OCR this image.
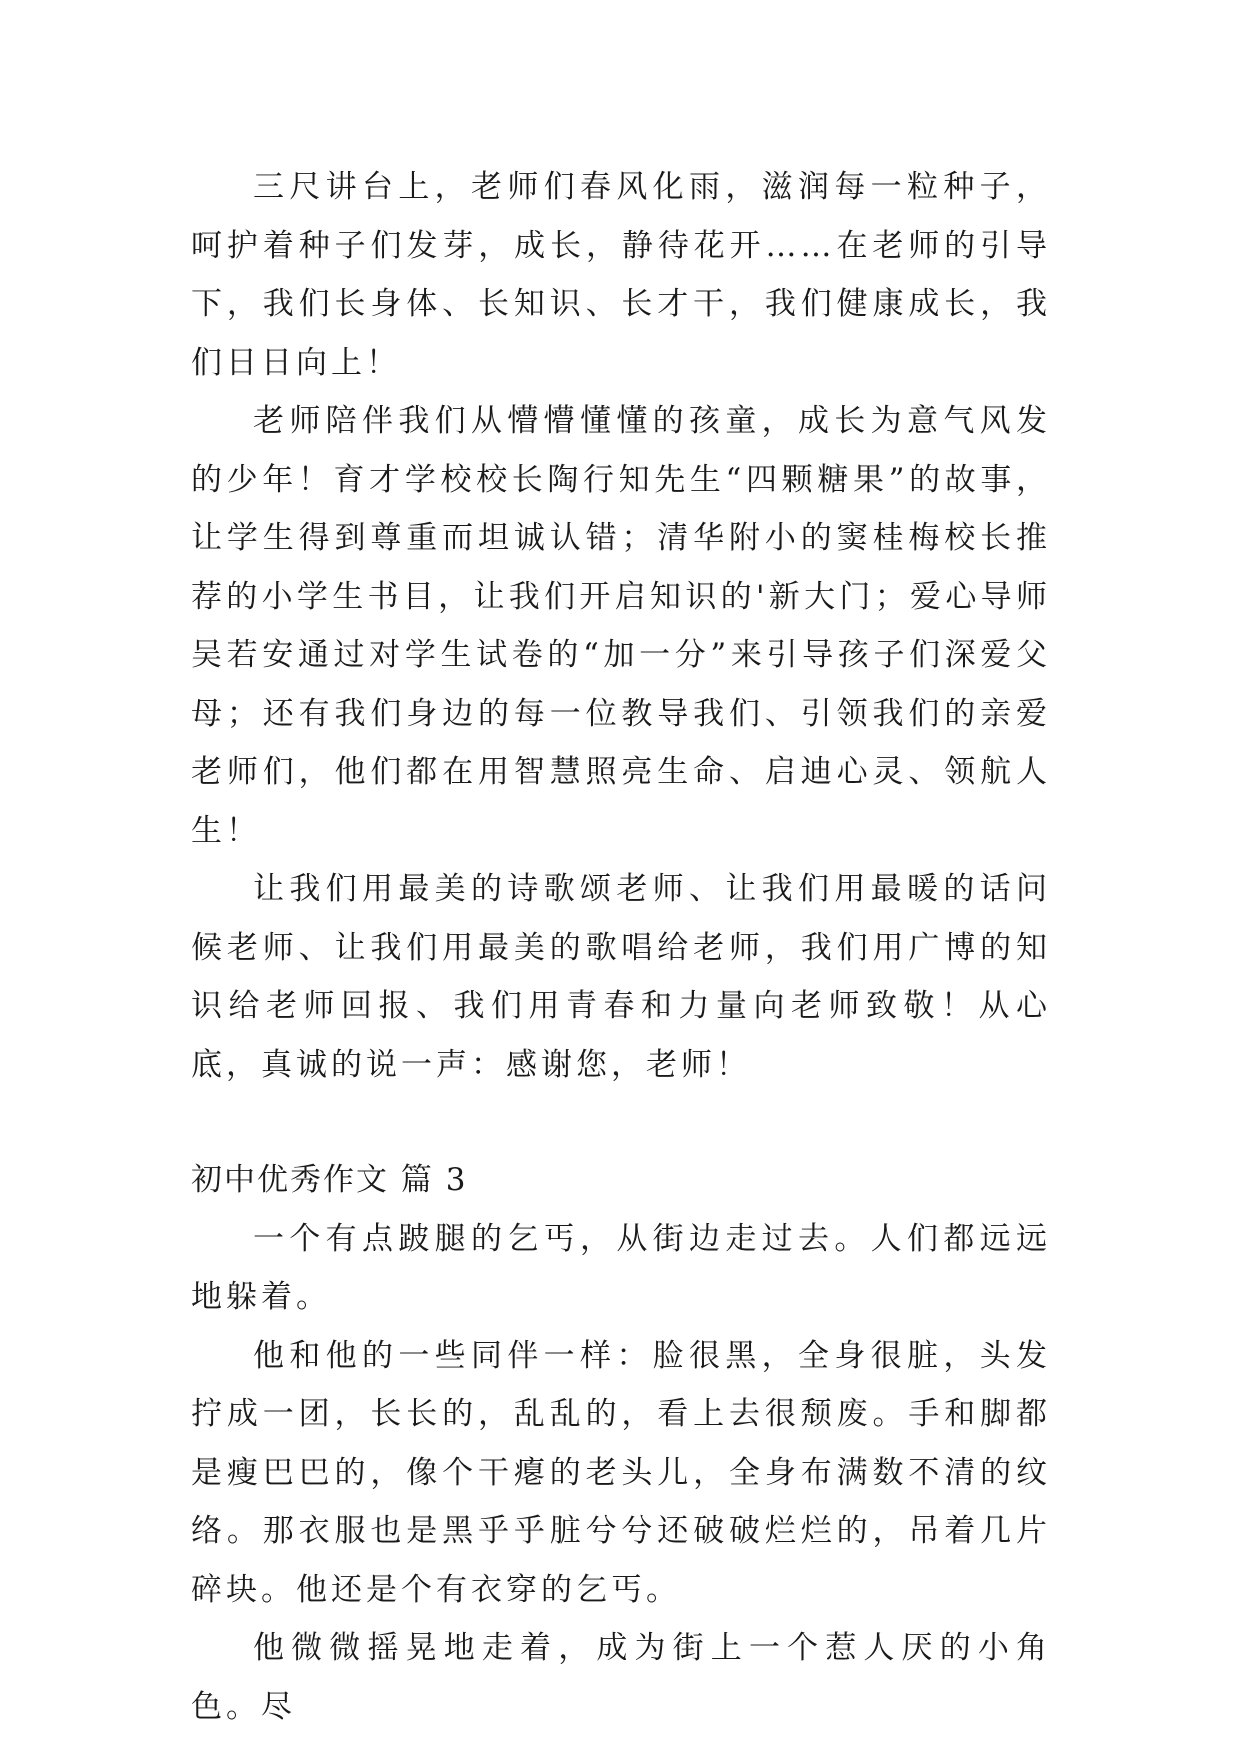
三尺讲台上，老师们春风化雨，滋润每一粒种子，呵护着种子们发芽，成长，静待花开……在老师的引导下，我们长身体、长知识、长才干，我们健康成长，我们日日向上！

老师陪伴我们从懵懵懂懂的孩童，成长为意气风发的少年！育才学校校长陶行知先生“四颗糖果”的故事，让学生得到尊重而坦诚认错；清华附小的窦桂梅校长推荐的小学生书目，让我们开启知识的'新大门；爱心导师吴若安通过对学生试卷的“加一分”来引导孩子们深爱父母；还有我们身边的每一位教导我们、引领我们的亲爱老师们，他们都在用智慧照亮生命、启迪心灵、领航人生！

让我们用最美的诗歌颂老师、让我们用最暖的话问候老师、让我们用最美的歌唱给老师，我们用广博的知识给老师回报、我们用青春和力量向老师致敬！从心底，真诚的说一声：感谢您，老师！

初中优秀作文 篇 3

一个有点跛腿的乞丐，从街边走过去。人们都远远地躲着。

他和他的一些同伴一样：脸很黑，全身很脏，头发拧成一团，长长的，乱乱的，看上去很颓废。手和脚都是瘦巴巴的，像个干瘪的老头儿，全身布满数不清的纹络。那衣服也是黑乎乎脏兮兮还破破烂烂的，吊着几片碎块。他还是个有衣穿的乞丐。

他微微摇晃地走着，成为街上一个惹人厌的小角色。尽
